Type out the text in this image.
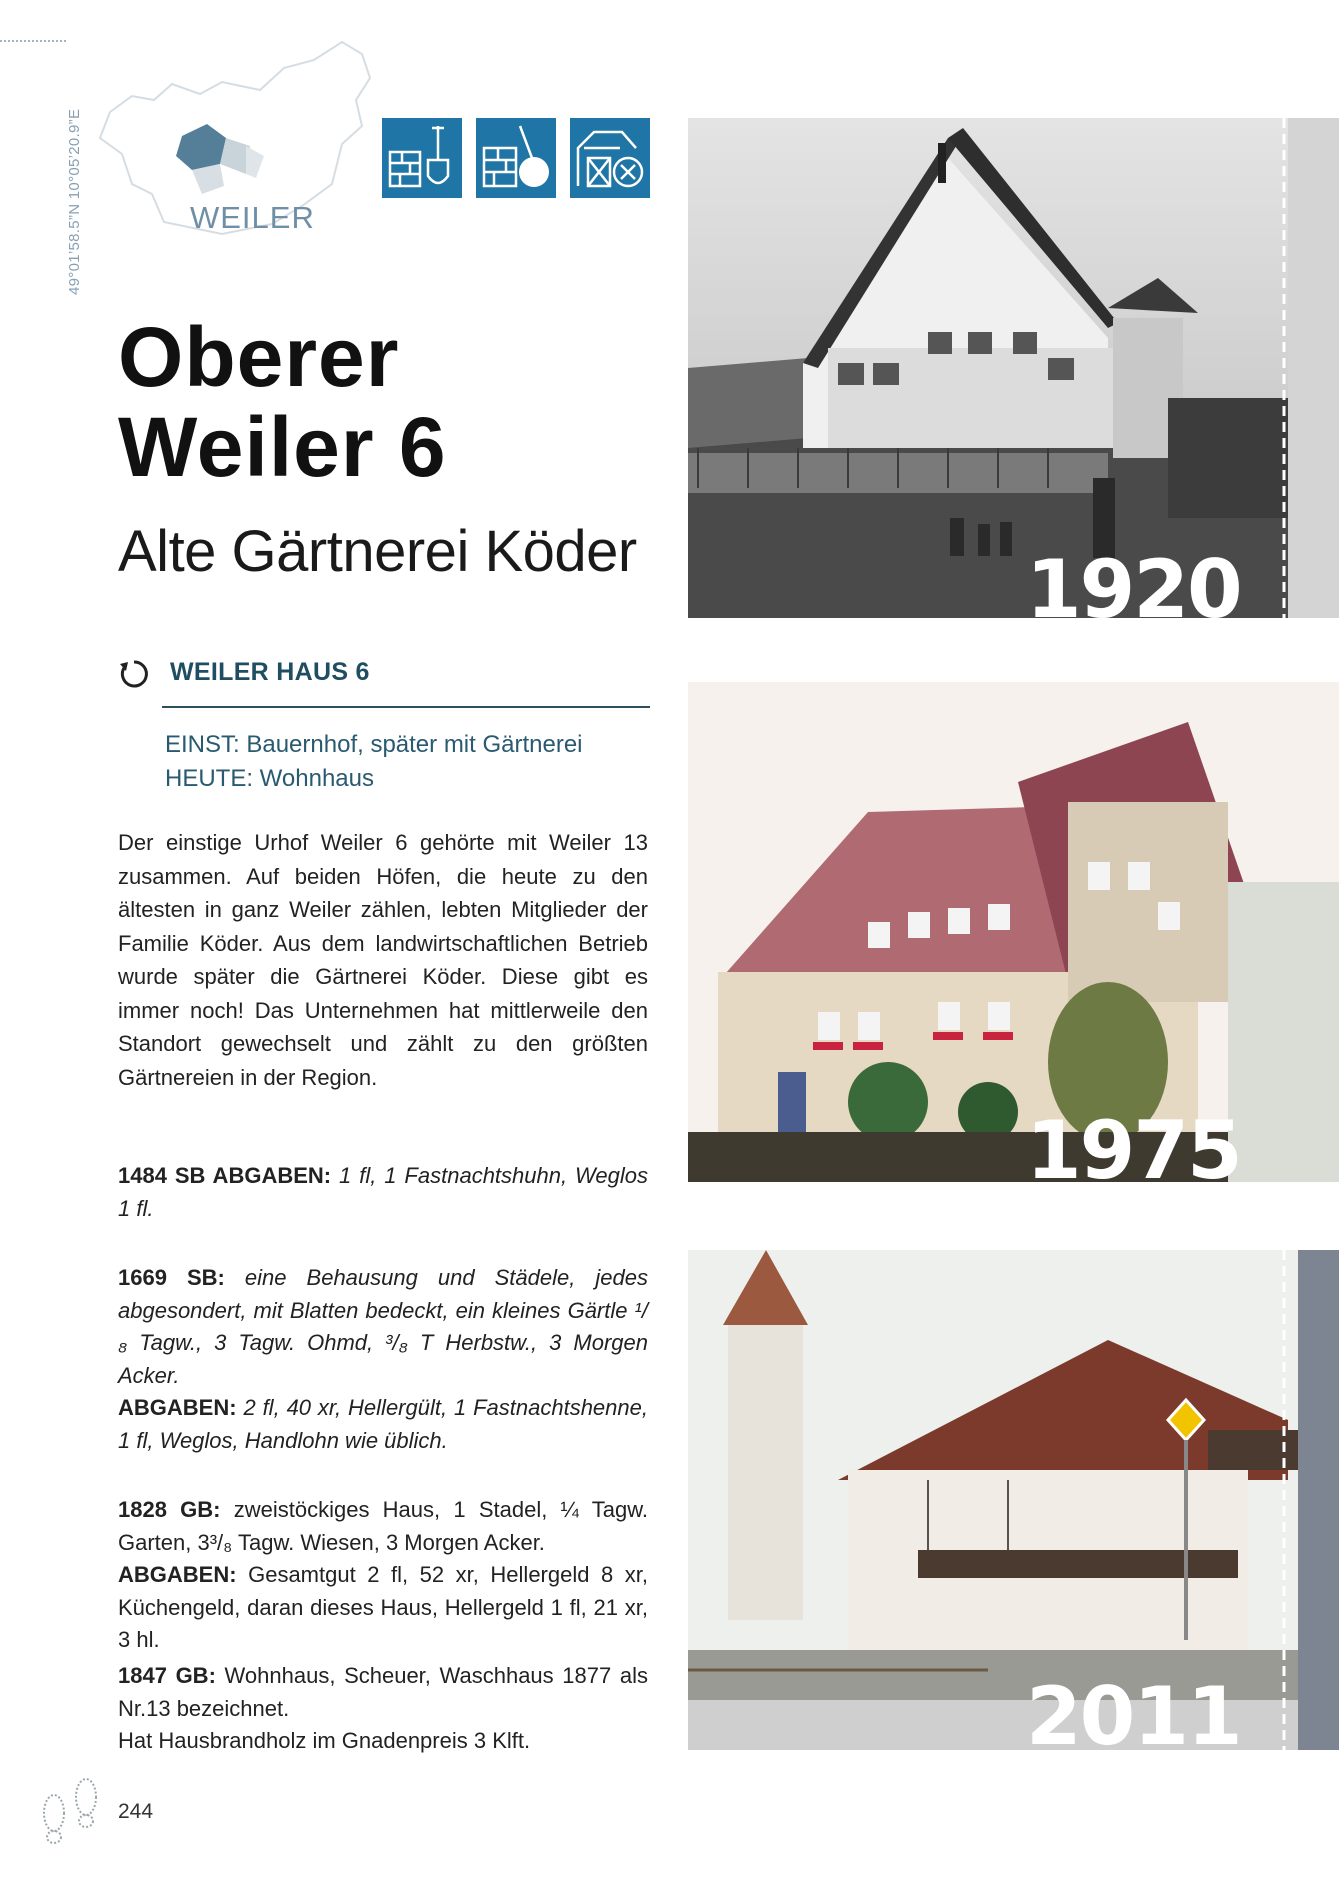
49°01’58.5”N 10°05’20.9”E	WEILER
Oberer
Weiler 6
Alte Gärtnerei Köder
WEILER HAUS 6
EINST: Bauernhof, später mit Gärtnerei
HEUTE: Wohnhaus
Der einstige Urhof Weiler 6 gehörte mit Weiler 13 zusammen. Auf beiden Höfen, die heute zu den ältesten in ganz Weiler zählen, lebten Mitglieder der Familie Köder. Aus dem landwirtschaftlichen Betrieb wurde später die Gärtnerei Köder. Diese gibt es immer noch! Das Unternehmen hat mittlerweile den Standort gewechselt und zählt zu den größten Gärtnereien in der Region.
1484 SB ABGABEN: 1 fl, 1 Fastnachtshuhn, Weglos 1 fl.
1669 SB: eine Behausung und Städele, jedes abgesondert, mit Blatten bedeckt, ein kleines Gärtle ¹/₈ Tagw., 3 Tagw. Ohmd, ³/₈ T Herbstw., 3 Morgen Acker.
ABGABEN: 2 fl, 40 xr, Hellergült, 1 Fastnachtshenne, 1 fl, Weglos, Handlohn wie üblich.
1828 GB: zweistöckiges Haus, 1 Stadel, ¼ Tagw. Garten, 3³/₈ Tagw. Wiesen, 3 Morgen Acker.
ABGABEN: Gesamtgut 2 fl, 52 xr, Hellergeld 8 xr, Küchengeld, daran dieses Haus, Hellergeld 1 fl, 21 xr, 3 hl.
1847 GB: Wohnhaus, Scheuer, Waschhaus 1877 als Nr.13 bezeichnet.
Hat Hausbrandholz im Gnadenpreis 3 Klft.
244
1920
1975
2011
